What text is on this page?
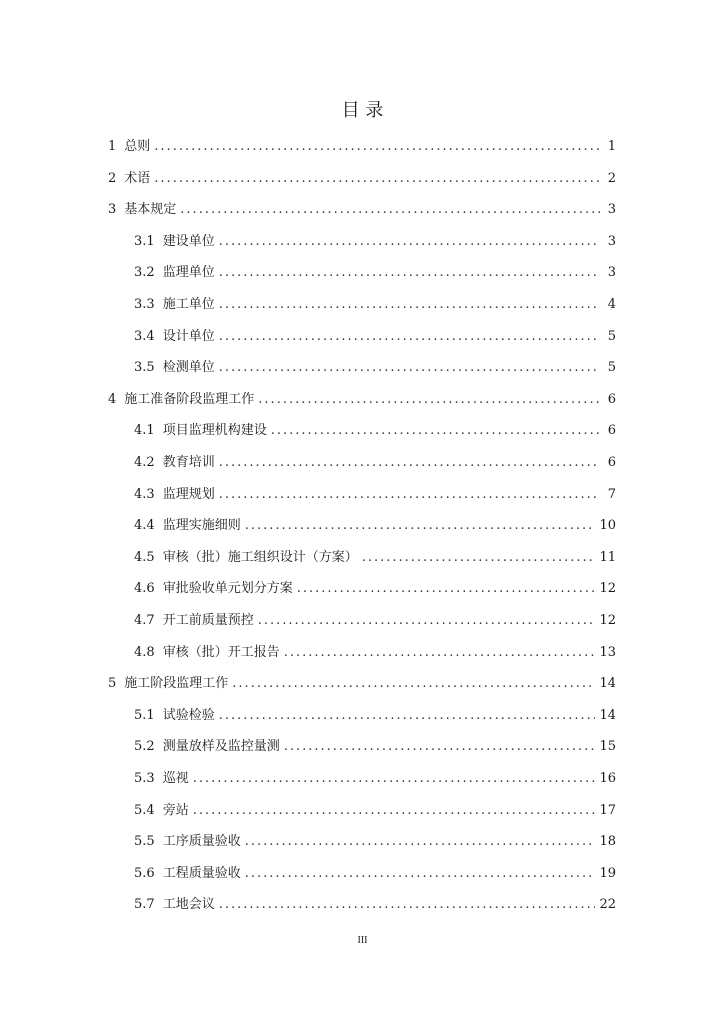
目 录
1 总则 .....	1
2 术语 .....	2
3 基本规定 .....	3
3.1 建设单位 .....	3
3.2 监理单位 .....	3
3.3 施工单位 .....	4
3.4 设计单位 .....	5
3.5 检测单位 .....	5
4 施工准备阶段监理工作 .....	6
4.1 项目监理机构建设 .....	6
4.2 教育培训 .....	6
4.3 监理规划 .....	7
4.4 监理实施细则 .....	10
4.5 审核（批）施工组织设计（方案） .....	11
4.6 审批验收单元划分方案 .....	12
4.7 开工前质量预控 .....	12
4.8 审核（批）开工报告 .....	13
5 施工阶段监理工作 .....	14
5.1 试验检验 .....	14
5.2 测量放样及监控量测 .....	15
5.3 巡视 .....	16
5.4 旁站 .....	17
5.5 工序质量验收 .....	18
5.6 工程质量验收 .....	19
5.7 工地会议 .....	22
III
